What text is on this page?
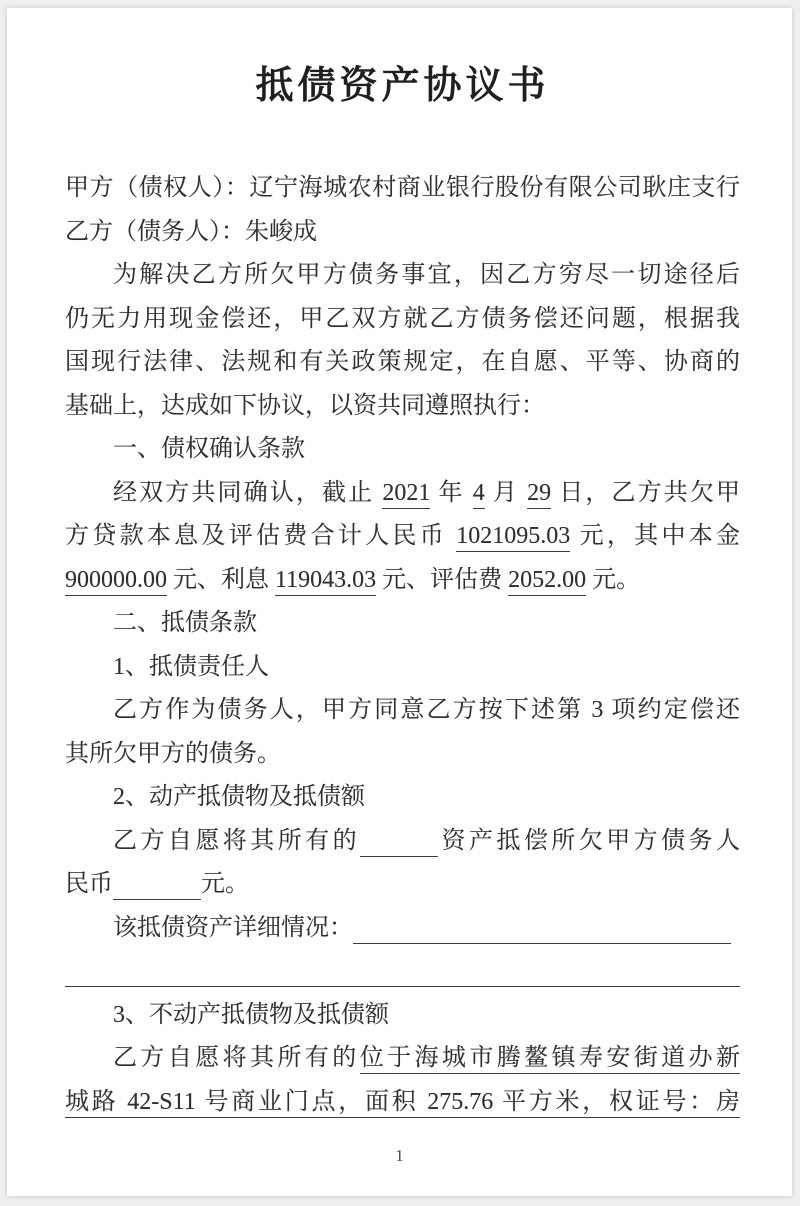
抵债资产协议书
甲方（债权人）：辽宁海城农村商业银行股份有限公司耿庄支行
乙方（债务人）：朱峻成
为解决乙方所欠甲方债务事宜，因乙方穷尽一切途径后
仍无力用现金偿还，甲乙双方就乙方债务偿还问题，根据我
国现行法律、法规和有关政策规定，在自愿、平等、协商的
基础上，达成如下协议，以资共同遵照执行：
一、债权确认条款
经双方共同确认，截止 2021 年 4 月 29 日，乙方共欠甲
方贷款本息及评估费合计人民币 1021095.03 元，其中本金
900000.00 元、利息 119043.03 元、评估费 2052.00 元。
二、抵债条款
1、抵债责任人
乙方作为债务人，甲方同意乙方按下述第 3 项约定偿还
其所欠甲方的债务。
2、动产抵债物及抵债额
乙方自愿将其所有的	资产抵偿所欠甲方债务人
民币	元。
该抵债资产详细情况：
3、不动产抵债物及抵债额
乙方自愿将其所有的位于海城市腾鳌镇寿安街道办新
城路 42-S11 号商业门点，面积 275.76 平方米，权证号：房
1
